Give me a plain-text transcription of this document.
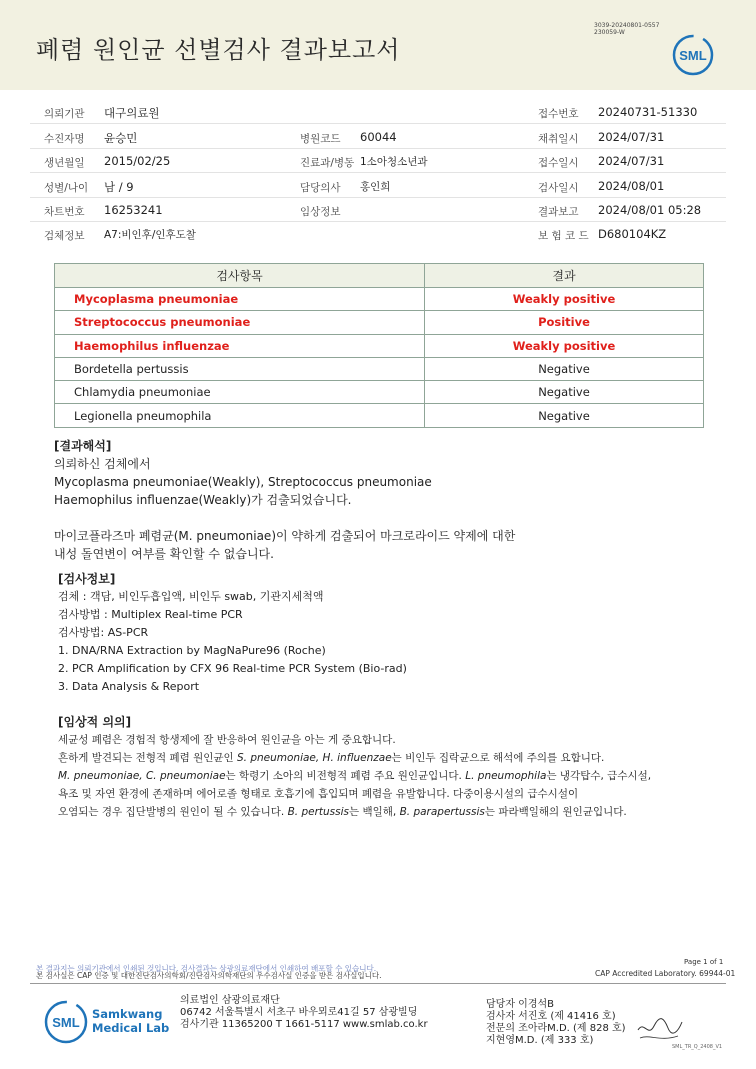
폐렴 원인균 선별검사 결과보고서
3039-20240801-0557
230059-W
SML
의뢰기관 대구의료원	접수번호 20240731-51330
수진자명 윤승민	병원코드 60044	채취일시 2024/07/31
생년월일 2015/02/25	진료과/병동 1소아청소년과	접수일시 2024/07/31
성별/나이 남 / 9	담당의사 홍인희	검사일시 2024/08/01
차트번호 16253241	임상정보	결과보고 2024/08/01 05:28
검체정보 A7:비인후/인후도찰	보 험 코 드 D680104KZ
검사항목	결과
Mycoplasma pneumoniae	Weakly positive
Streptococcus pneumoniae	Positive
Haemophilus influenzae	Weakly positive
Bordetella pertussis	Negative
Chlamydia pneumoniae	Negative
Legionella pneumophila	Negative
[결과해석]
의뢰하신 검체에서
Mycoplasma pneumoniae(Weakly), Streptococcus pneumoniae
Haemophilus influenzae(Weakly)가 검출되었습니다.
마이코플라즈마 폐렴균(M. pneumoniae)이 약하게 검출되어 마크로라이드 약제에 대한
내성 돌연변이 여부를 확인할 수 없습니다.
[검사정보]
검체 : 객담, 비인두흡입액, 비인두 swab, 기관지세척액
검사방법 : Multiplex Real-time PCR
검사방법: AS-PCR
1. DNA/RNA Extraction by MagNaPure96 (Roche)
2. PCR Amplification by CFX 96 Real-time PCR System (Bio-rad)
3. Data Analysis & Report
[임상적 의의]
세균성 폐렴은 경험적 항생제에 잘 반응하여 원인균을 아는 게 중요합니다.
흔하게 발견되는 전형적 폐렴 원인균인 S. pneumoniae, H. influenzae는 비인두 집락균으로 해석에 주의를 요합니다.
M. pneumoniae, C. pneumoniae는 학령기 소아의 비전형적 폐렴 주요 원인균입니다. L. pneumophila는 냉각탑수, 급수시설,
욕조 및 자연 환경에 존재하며 에어로졸 형태로 호흡기에 흡입되며 폐렴을 유발합니다. 다중이용시설의 급수시설이
오염되는 경우 집단발병의 원인이 될 수 있습니다. B. pertussis는 백일해, B. parapertussis는 파라백일해의 원인균입니다.
본 결과지는 의뢰기관에서 인쇄된 것입니다. 검사결과는 삼광의료재단에서 인쇄하여 배포할 수 있습니다.
본 검사실은 CAP 인증 및 대한진단검사의학회/진단검사의학재단의 우수검사실 인증을 받은 검사실입니다.
Page 1 of 1
CAP Accredited Laboratory. 69944-01
SML
Samkwang
Medical Lab
의료법인 삼광의료재단
06742 서울특별시 서초구 바우뫼로41길 57 삼광빌딩
검사기관 11365200 T 1661-5117 www.smlab.co.kr
담당자 이경석B
검사자 서진호 (제 41416 호)
전문의 조아라M.D. (제 828 호)
지현영M.D. (제 333 호)
SML_TR_Q_2408_V1
